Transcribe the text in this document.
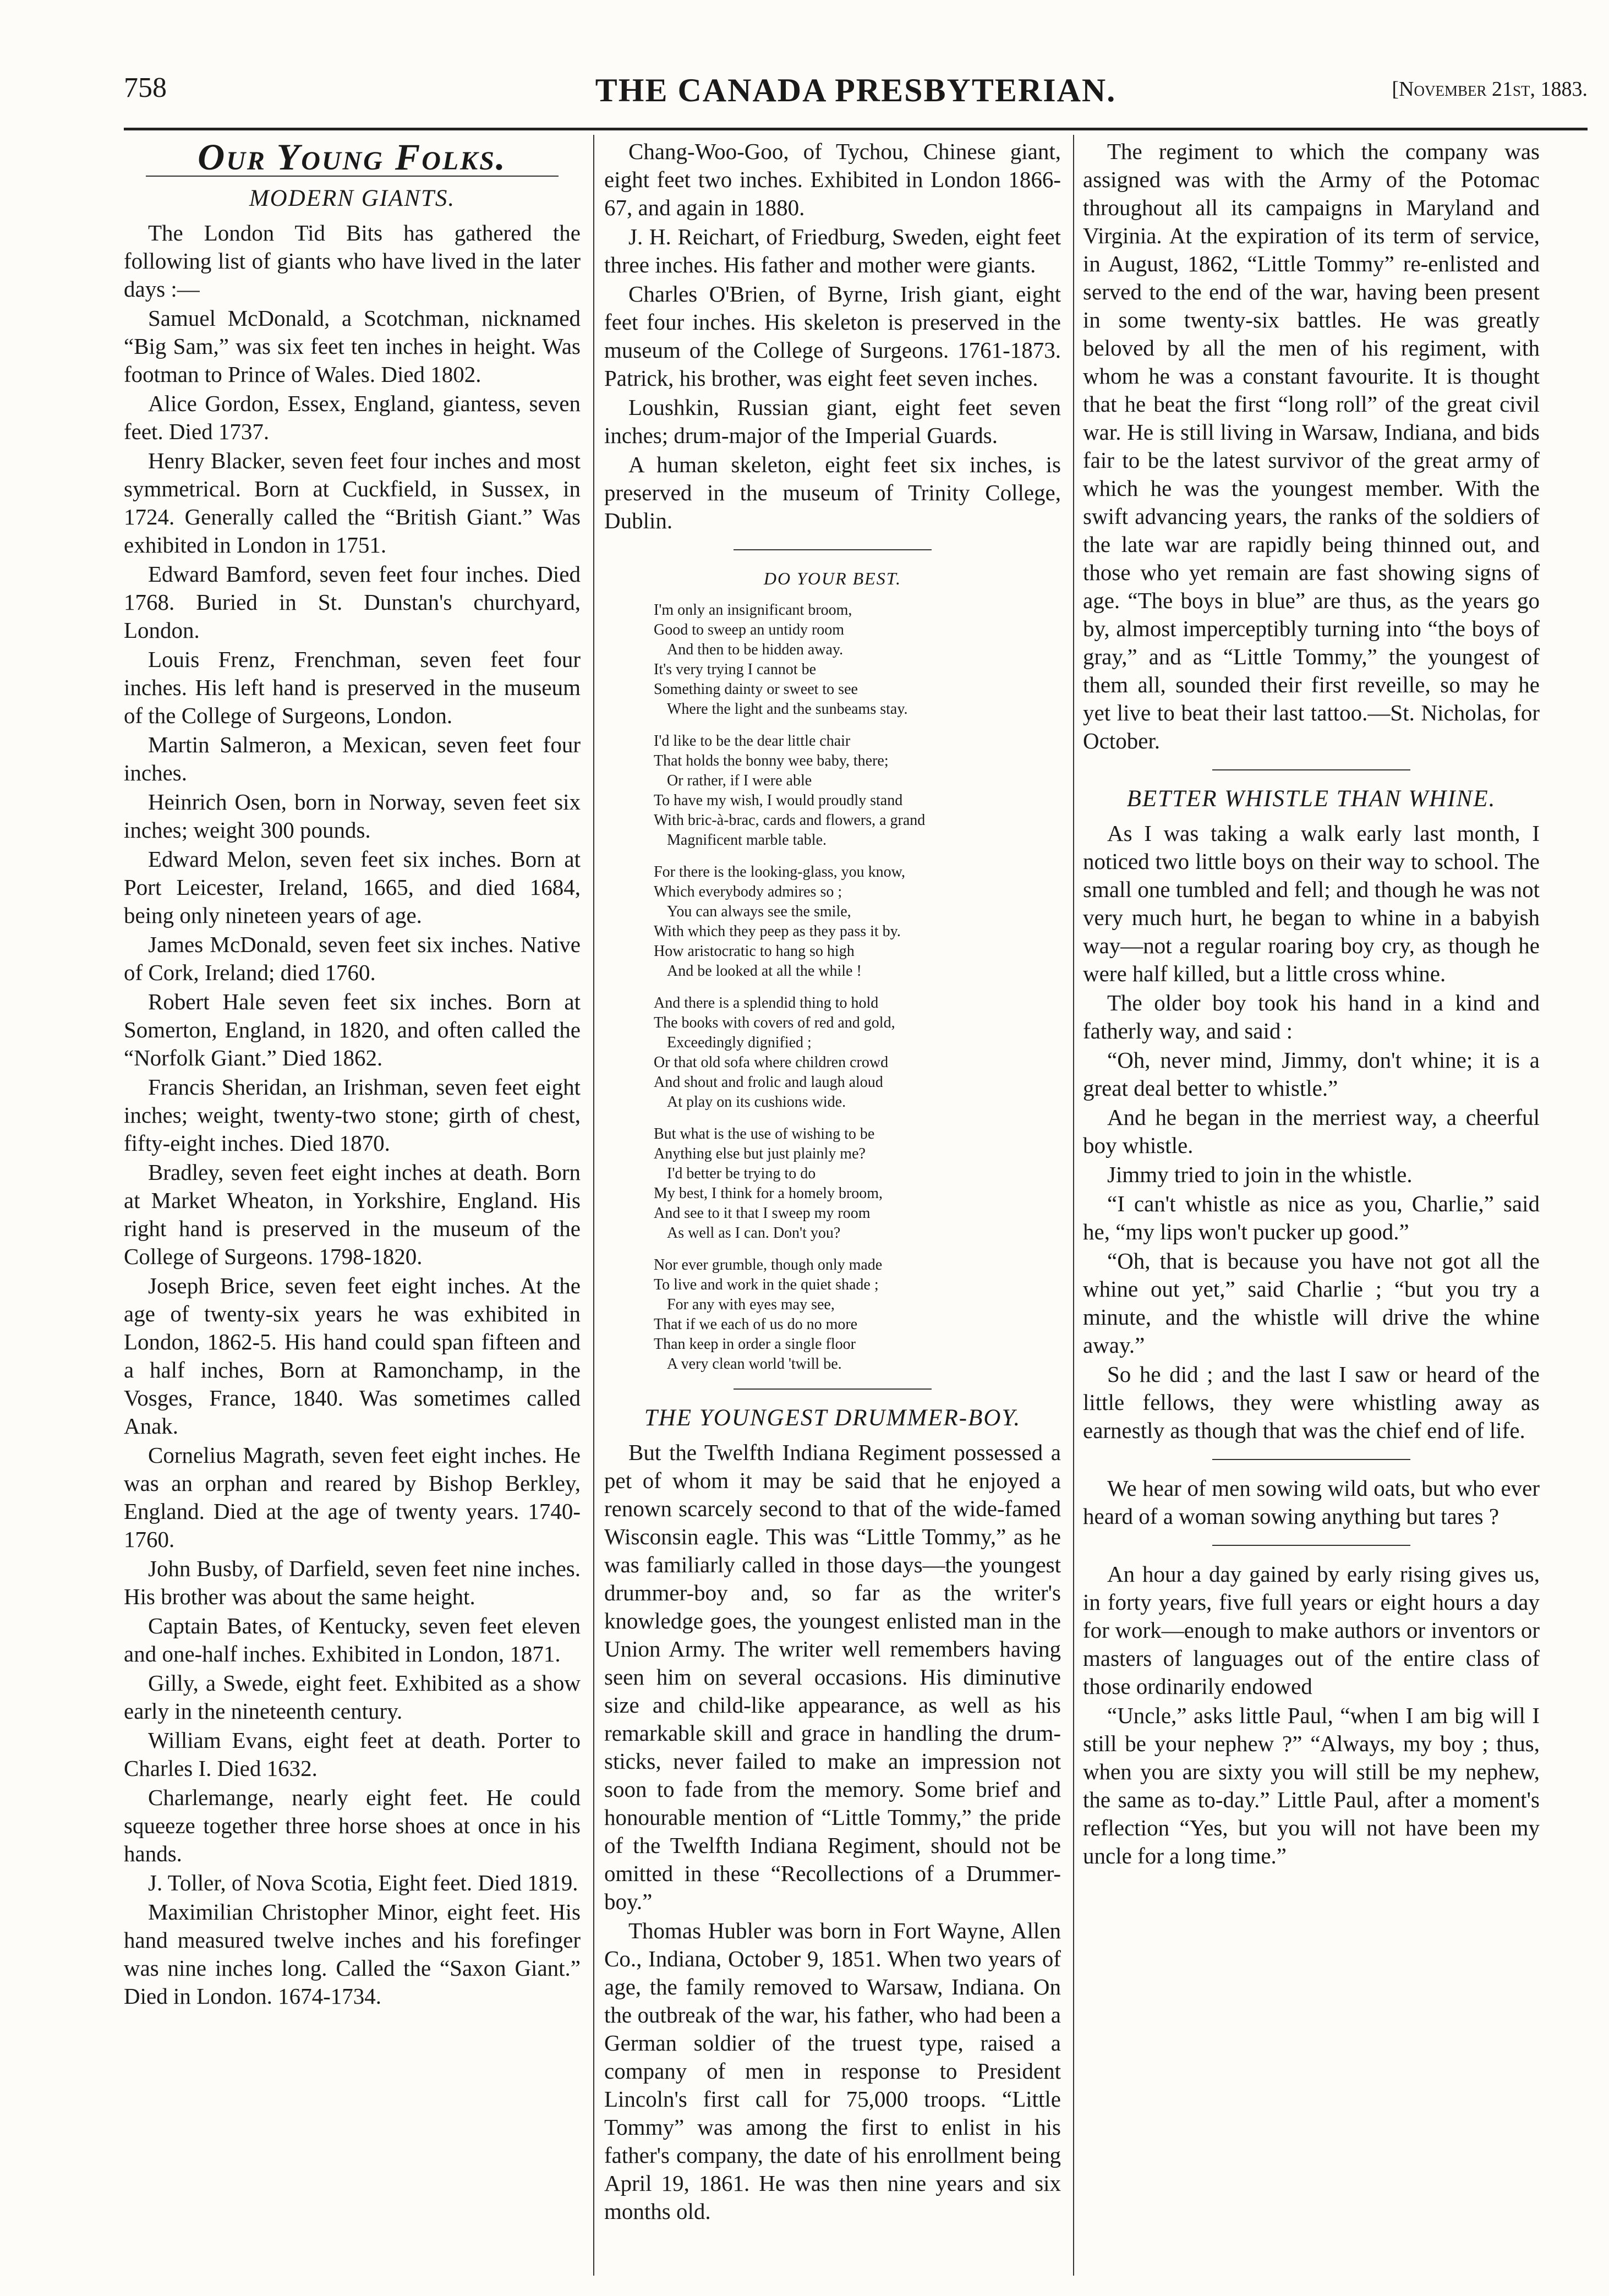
758	THE CANADA PRESBYTERIAN.	[November 21st, 1883.
Our Young Folks.
MODERN GIANTS.

The London Tid Bits has gathered the following list of giants who have lived in the later days :—

Samuel McDonald, a Scotchman, nicknamed “Big Sam,” was six feet ten inches in height. Was footman to Prince of Wales. Died 1802.

Alice Gordon, Essex, England, giantess, seven feet. Died 1737.

Henry Blacker, seven feet four inches and most symmetrical. Born at Cuckfield, in Sussex, in 1724. Generally called the “British Giant.” Was exhibited in London in 1751.

Edward Bamford, seven feet four inches. Died 1768. Buried in St. Dunstan's churchyard, London.

Louis Frenz, Frenchman, seven feet four inches. His left hand is preserved in the museum of the College of Surgeons, London.

Martin Salmeron, a Mexican, seven feet four inches.

Heinrich Osen, born in Norway, seven feet six inches; weight 300 pounds.

Edward Melon, seven feet six inches. Born at Port Leicester, Ireland, 1665, and died 1684, being only nineteen years of age.

James McDonald, seven feet six inches. Native of Cork, Ireland; died 1760.

Robert Hale seven feet six inches. Born at Somerton, England, in 1820, and often called the “Norfolk Giant.” Died 1862.

Francis Sheridan, an Irishman, seven feet eight inches; weight, twenty-two stone; girth of chest, fifty-eight inches. Died 1870.

Bradley, seven feet eight inches at death. Born at Market Wheaton, in Yorkshire, England. His right hand is preserved in the museum of the College of Surgeons. 1798-1820.

Joseph Brice, seven feet eight inches. At the age of twenty-six years he was exhibited in London, 1862-5. His hand could span fifteen and a half inches, Born at Ramonchamp, in the Vosges, France, 1840. Was sometimes called Anak.

Cornelius Magrath, seven feet eight inches. He was an orphan and reared by Bishop Berkley, England. Died at the age of twenty years. 1740-1760.

John Busby, of Darfield, seven feet nine inches. His brother was about the same height.

Captain Bates, of Kentucky, seven feet eleven and one-half inches. Exhibited in London, 1871.

Gilly, a Swede, eight feet. Exhibited as a show early in the nineteenth century.

William Evans, eight feet at death. Porter to Charles I. Died 1632.

Charlemange, nearly eight feet. He could squeeze together three horse shoes at once in his hands.

J. Toller, of Nova Scotia, Eight feet. Died 1819.

Maximilian Christopher Minor, eight feet. His hand measured twelve inches and his forefinger was nine inches long. Called the “Saxon Giant.” Died in London. 1674-1734.

Chang-Woo-Goo, of Tychou, Chinese giant, eight feet two inches. Exhibited in London 1866-67, and again in 1880.

J. H. Reichart, of Friedburg, Sweden, eight feet three inches. His father and mother were giants.

Charles O'Brien, of Byrne, Irish giant, eight feet four inches. His skeleton is preserved in the museum of the College of Surgeons. 1761-1873. Patrick, his brother, was eight feet seven inches.

Loushkin, Russian giant, eight feet seven inches; drum-major of the Imperial Guards.

A human skeleton, eight feet six inches, is preserved in the museum of Trinity College, Dublin.

DO YOUR BEST.
I'm only an insignificant broom,
Good to sweep an untidy room
And then to be hidden away.
It's very trying I cannot be
Something dainty or sweet to see
Where the light and the sunbeams stay.
I'd like to be the dear little chair
That holds the bonny wee baby, there;
Or rather, if I were able
To have my wish, I would proudly stand
With bric-à-brac, cards and flowers, a grand
Magnificent marble table.
For there is the looking-glass, you know,
Which everybody admires so ;
You can always see the smile,
With which they peep as they pass it by.
How aristocratic to hang so high
And be looked at all the while !
And there is a splendid thing to hold
The books with covers of red and gold,
Exceedingly dignified ;
Or that old sofa where children crowd
And shout and frolic and laugh aloud
At play on its cushions wide.
But what is the use of wishing to be
Anything else but just plainly me?
I'd better be trying to do
My best, I think for a homely broom,
And see to it that I sweep my room
As well as I can. Don't you?
Nor ever grumble, though only made
To live and work in the quiet shade ;
For any with eyes may see,
That if we each of us do no more
Than keep in order a single floor
A very clean world 'twill be.
THE YOUNGEST DRUMMER-BOY.

But the Twelfth Indiana Regiment possessed a pet of whom it may be said that he enjoyed a renown scarcely second to that of the wide-famed Wisconsin eagle. This was “Little Tommy,” as he was familiarly called in those days—the youngest drummer-boy and, so far as the writer's knowledge goes, the youngest enlisted man in the Union Army. The writer well remembers having seen him on several occasions. His diminutive size and child-like appearance, as well as his remarkable skill and grace in handling the drum-sticks, never failed to make an impression not soon to fade from the memory. Some brief and honourable mention of “Little Tommy,” the pride of the Twelfth Indiana Regiment, should not be omitted in these “Recollections of a Drummer-boy.”

Thomas Hubler was born in Fort Wayne, Allen Co., Indiana, October 9, 1851. When two years of age, the family removed to Warsaw, Indiana. On the outbreak of the war, his father, who had been a German soldier of the truest type, raised a company of men in response to President Lincoln's first call for 75,000 troops. “Little Tommy” was among the first to enlist in his father's company, the date of his enrollment being April 19, 1861. He was then nine years and six months old.

The regiment to which the company was assigned was with the Army of the Potomac throughout all its campaigns in Maryland and Virginia. At the expiration of its term of service, in August, 1862, “Little Tommy” re-enlisted and served to the end of the war, having been present in some twenty-six battles. He was greatly beloved by all the men of his regiment, with whom he was a constant favourite. It is thought that he beat the first “long roll” of the great civil war. He is still living in Warsaw, Indiana, and bids fair to be the latest survivor of the great army of which he was the youngest member. With the swift advancing years, the ranks of the soldiers of the late war are rapidly being thinned out, and those who yet remain are fast showing signs of age. “The boys in blue” are thus, as the years go by, almost imperceptibly turning into “the boys of gray,” and as “Little Tommy,” the youngest of them all, sounded their first reveille, so may he yet live to beat their last tattoo.—St. Nicholas, for October.

BETTER WHISTLE THAN WHINE.

As I was taking a walk early last month, I noticed two little boys on their way to school. The small one tumbled and fell; and though he was not very much hurt, he began to whine in a babyish way—not a regular roaring boy cry, as though he were half killed, but a little cross whine.

The older boy took his hand in a kind and fatherly way, and said :

“Oh, never mind, Jimmy, don't whine; it is a great deal better to whistle.”

And he began in the merriest way, a cheerful boy whistle.

Jimmy tried to join in the whistle.

“I can't whistle as nice as you, Charlie,” said he, “my lips won't pucker up good.”

“Oh, that is because you have not got all the whine out yet,” said Charlie ; “but you try a minute, and the whistle will drive the whine away.”

So he did ; and the last I saw or heard of the little fellows, they were whistling away as earnestly as though that was the chief end of life.

We hear of men sowing wild oats, but who ever heard of a woman sowing anything but tares ?

An hour a day gained by early rising gives us, in forty years, five full years or eight hours a day for work—enough to make authors or inventors or masters of languages out of the entire class of those ordinarily endowed

“Uncle,” asks little Paul, “when I am big will I still be your nephew ?” “Always, my boy ; thus, when you are sixty you will still be my nephew, the same as to-day.” Little Paul, after a moment's reflection “Yes, but you will not have been my uncle for a long time.”
